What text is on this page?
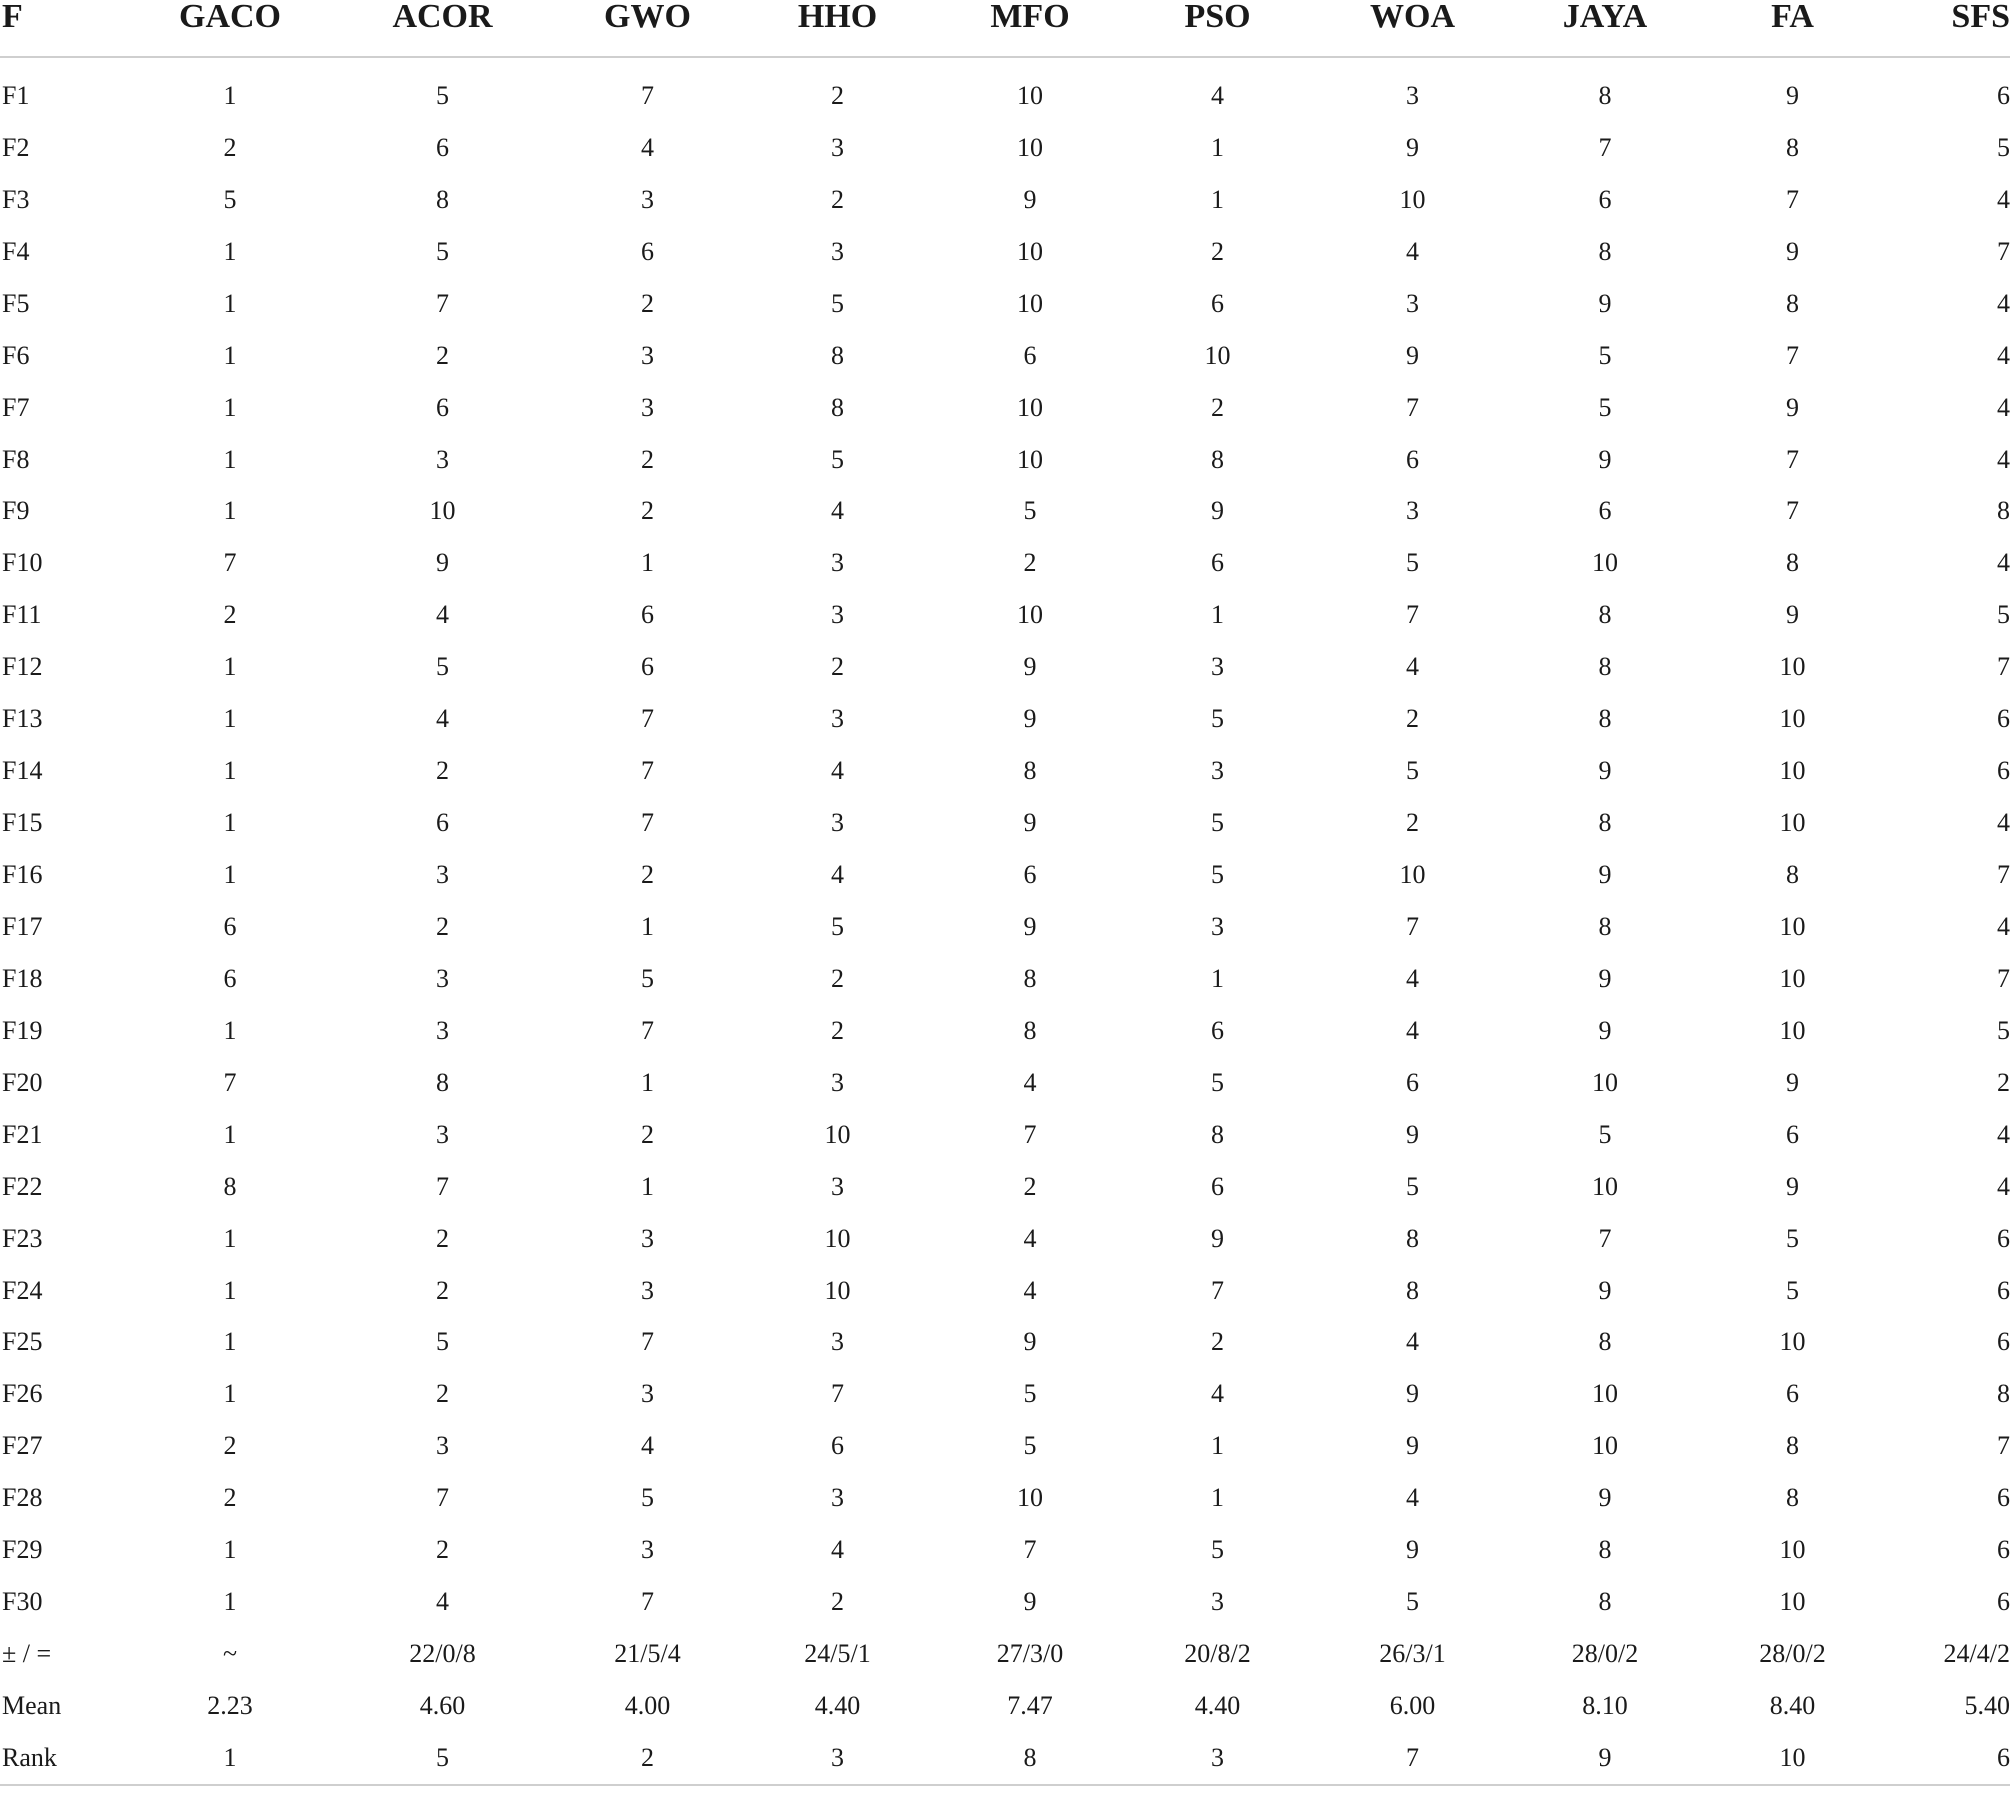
F	GACO	ACOR	GWO	HHO	MFO	PSO	WOA	JAYA	FA	SFS
F1	1	5	7	2	10	4	3	8	9	6
F2	2	6	4	3	10	1	9	7	8	5
F3	5	8	3	2	9	1	10	6	7	4
F4	1	5	6	3	10	2	4	8	9	7
F5	1	7	2	5	10	6	3	9	8	4
F6	1	2	3	8	6	10	9	5	7	4
F7	1	6	3	8	10	2	7	5	9	4
F8	1	3	2	5	10	8	6	9	7	4
F9	1	10	2	4	5	9	3	6	7	8
F10	7	9	1	3	2	6	5	10	8	4
F11	2	4	6	3	10	1	7	8	9	5
F12	1	5	6	2	9	3	4	8	10	7
F13	1	4	7	3	9	5	2	8	10	6
F14	1	2	7	4	8	3	5	9	10	6
F15	1	6	7	3	9	5	2	8	10	4
F16	1	3	2	4	6	5	10	9	8	7
F17	6	2	1	5	9	3	7	8	10	4
F18	6	3	5	2	8	1	4	9	10	7
F19	1	3	7	2	8	6	4	9	10	5
F20	7	8	1	3	4	5	6	10	9	2
F21	1	3	2	10	7	8	9	5	6	4
F22	8	7	1	3	2	6	5	10	9	4
F23	1	2	3	10	4	9	8	7	5	6
F24	1	2	3	10	4	7	8	9	5	6
F25	1	5	7	3	9	2	4	8	10	6
F26	1	2	3	7	5	4	9	10	6	8
F27	2	3	4	6	5	1	9	10	8	7
F28	2	7	5	3	10	1	4	9	8	6
F29	1	2	3	4	7	5	9	8	10	6
F30	1	4	7	2	9	3	5	8	10	6
± / =	~	22/0/8	21/5/4	24/5/1	27/3/0	20/8/2	26/3/1	28/0/2	28/0/2	24/4/2
Mean	2.23	4.60	4.00	4.40	7.47	4.40	6.00	8.10	8.40	5.40
Rank	1	5	2	3	8	3	7	9	10	6
